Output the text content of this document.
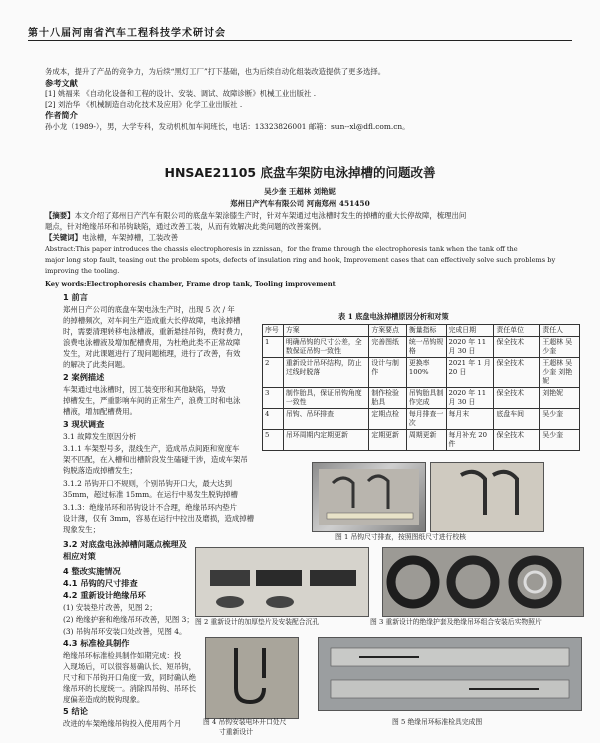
第十八届河南省汽车工程科技学术研讨会
务成本，提升了产品的竞争力，为后续“黑灯工厂”打下基础，也为后续自动化组装改造提供了更多选择。
参考文献
[1] 姚福来 《自动化设备和工程的设计、安装、调试、故障诊断》机械工业出版社 .
[2] 刘治华 《机械制造自动化技术及应用》化学工业出版社 .
作者简介
孙小龙（1989-），男，大学专科，发动机机加车间班长，电话：13323826001 邮箱：sun--xl@dfl.com.cn。
HNSAE21105 底盘车架防电泳掉槽的问题改善
吴少奎 王超林 刘艳妮
郑州日产汽车有限公司 河南郑州 451450
【摘要】本文介绍了郑州日产汽车有限公司的底盘车架涂膝生产时，针对车架通过电泳槽时发生的掉槽的重大长停故障，梳理出问
题点，针对绝缘吊环和吊钩缺陷，通过改善工装，从而有效解决此类问题的改善案例。
【关键词】电泳槽，车架掉槽，工装改善
Abstract:This paper introduces the chassis electrophoresis in zznissan，for the frame through the electrophoresis tank when the tank off the
major long stop fault, teasing out the problem spots, defects of insulation ring and hook, Improvement cases that can effectively solve such problems by
improving the tooling.
Key words:Electrophoresis chamber, Frame drop tank, Tooling improvement
1 前言
郑州日产公司的底盘车架电泳生产时，出现 5 次 / 年
的掉槽频次，对车间生产造成重大长停故障，电泳掉槽
时，需要清理转移电泳槽液，重新悬挂吊钩，费时费力，
浪费电泳槽液及增加配槽费用，为杜绝此类不正常故障
发生，对此课题进行了现问题梳理，进行了改善，有效
的解决了此类问题。
2 案例描述
车架通过电泳槽时，因工装变形和其他缺陷，导致
掉槽发生，严重影响车间的正常生产，浪费工时和电泳
槽液，增加配槽费用。
3 现状调查
3.1 故障发生原因分析
3.1.1 车架型号多，混线生产，造成吊点间距和宽度车
架不匹配，在入槽和出槽阶段发生磕碰干涉，造成车架吊
钩脱落造成掉槽发生；
3.1.2 吊钩开口不规则，个别吊钩开口大，最大达到
35mm，超过标准 15mm。在运行中易发生脱钩掉槽
3.1.3：绝缘吊环和吊钩设计不合理，绝缘吊环内垫片
设计薄，仅有 3mm，容易在运行中拉出及磨损，造成掉槽
现象发生；
3.2 对底盘电泳掉槽问题点梳理及
相应对策
4 整改实施情况
4.1 吊钩的尺寸排查
4.2 重新设计绝缘吊环
(1) 安装垫片改善，见图 2；
(2) 绝缘护套和绝缘吊环改善，见图 3；
(3) 吊钩吊环安装口处改善，见图 4。
4.3 标准检具制作
绝缘吊环标准检具制作如期完成：投
入现场后，可以很容易确认长、短吊钩，
尺寸和下吊钩开口角度一致，同时确认绝
缘吊环的长度统一。消除四吊钩、吊环长
度偏差造成的脱钩现象。
5 结论
改进的车架绝缘吊钩投入使用两个月
表 1 底盘电泳掉槽原因分析和对策
序号	方案	方案要点	衡量指标	完成日期	责任单位	责任人
1	明确吊钩的尺寸公差，全数保证吊钩一致性	完善图纸	统一吊钩规格	2020 年 11 月 30 日	保全技术	王超林 吴少奎
2	重新设计吊环结构，防止过线时脱落	设计与制作	更换率 100%	2021 年 1 月 20 日	保全技术	王超林 吴少奎 刘艳妮
3	制作胎具，保证吊钩角度一致性	制作检验胎具	吊钩胎具制作完成	2020 年 11 月 30 日	保全技术	刘艳妮
4	吊钩、吊环排查	定期点检	每月排查一次	每月末	底盘车间	吴少奎
5	吊环周期内定期更新	定期更新	周期更新	每月补充 20 件	保全技术	吴少奎
图 1 吊钩尺寸排查，按照图纸尺寸进行校核
图 2 重新设计的加厚垫片及安装配合沉孔	图 3 重新设计的绝缘护套及绝缘吊环组合安装后实物照片
图 4 吊钩安装电环开口处尺
寸重新设计
图 5 绝缘吊环标准检具完成图
